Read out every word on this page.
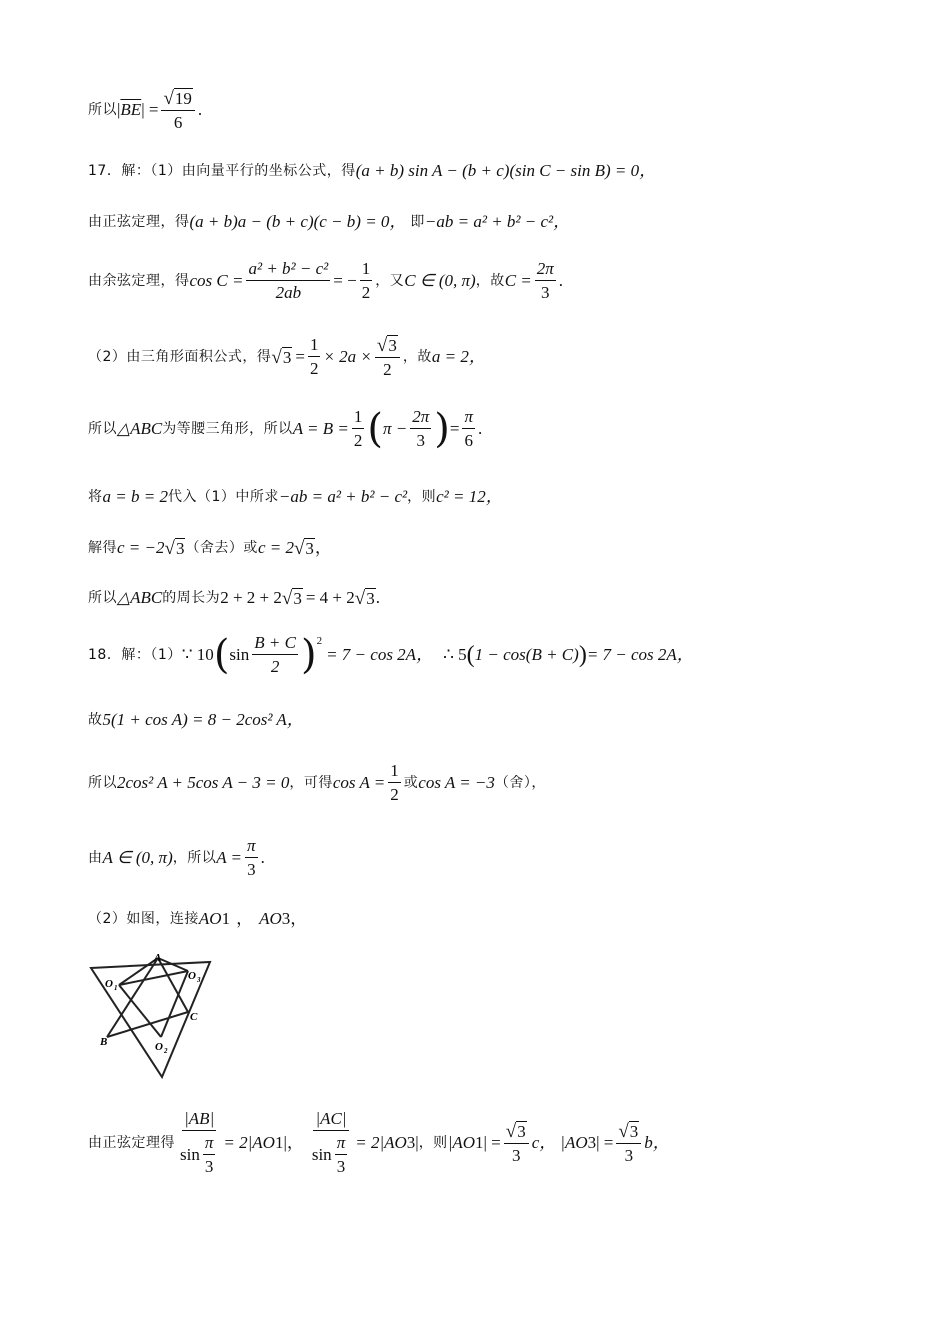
所以 | $\overline{BE}$ | = $\frac{√ 19}{6}$ .
17．解：（1）由向量平行的坐标公式，得 (a + b) sin A − (b + c)(sin C − sin B) = 0，
由正弦定理，得 (a + b)a − (b + c)(c − b) = 0， 即 −ab = a² + b² − c²，
由余弦定理，得 $\cos C = \frac{\text{a² + b² − c²}}{2ab}$ = − $\frac{1}{2}$ ，又 C ∈ (0, π) ，故 $C = \frac{2\pi}{3}$ .
（2）由三角形面积公式，得 √ $3 = \frac{1}{2} \times 2a \times \frac{√ 3}{2}$ ，故 a = 2，
所以 △ABC 为等腰三角形，所以 $A = B = \frac{1}{2}$ ( $\pi - \frac{2\pi}{3}$ ) = $\frac{\pi}{6}$ .
将 a = b = 2 代入（1）中所求 −ab = a² + b² − c² ，则 c² = 12，
解得 c = −2 √ 3 （舍去）或 c = 2 √ 3 ，
所以 △ABC 的周长为 2 + 2 + 2 √ 3 = 4 + 2 √ 3 .
18．解：（1） ∵ 10 ( $\sin \frac{B + C}{2}$ ) 2
= 7 − cos 2A， ∴ 5 ( 1 − cos(B + C) ) = 7 − cos 2A，
故 5(1 + cos A) = 8 − 2cos² A，
所以 2cos² A + 5cos A − 3 = 0 ，可得 $\cos A = \frac{1}{2}$ 或 cos A = −3 （舍），
由 A ∈ (0, π) ，所以 $A = \frac{\pi}{3}$ .
（2）如图，连接 AO 1 ， AO 3 ，
A
O 1
O 3
C
B	O 2
由正弦定理得 $\frac{|AB|}{\sin \frac{\pi}{3}} = 2|AO$ 1 |， $\frac{|AC|}{\sin \frac{\pi}{3}} = 2|AO$ 3 | ，则 |AO 1 | = $\frac{√ 3}{3}$ c， |AO 3 | = $\frac{√ 3}{3}$ b，
